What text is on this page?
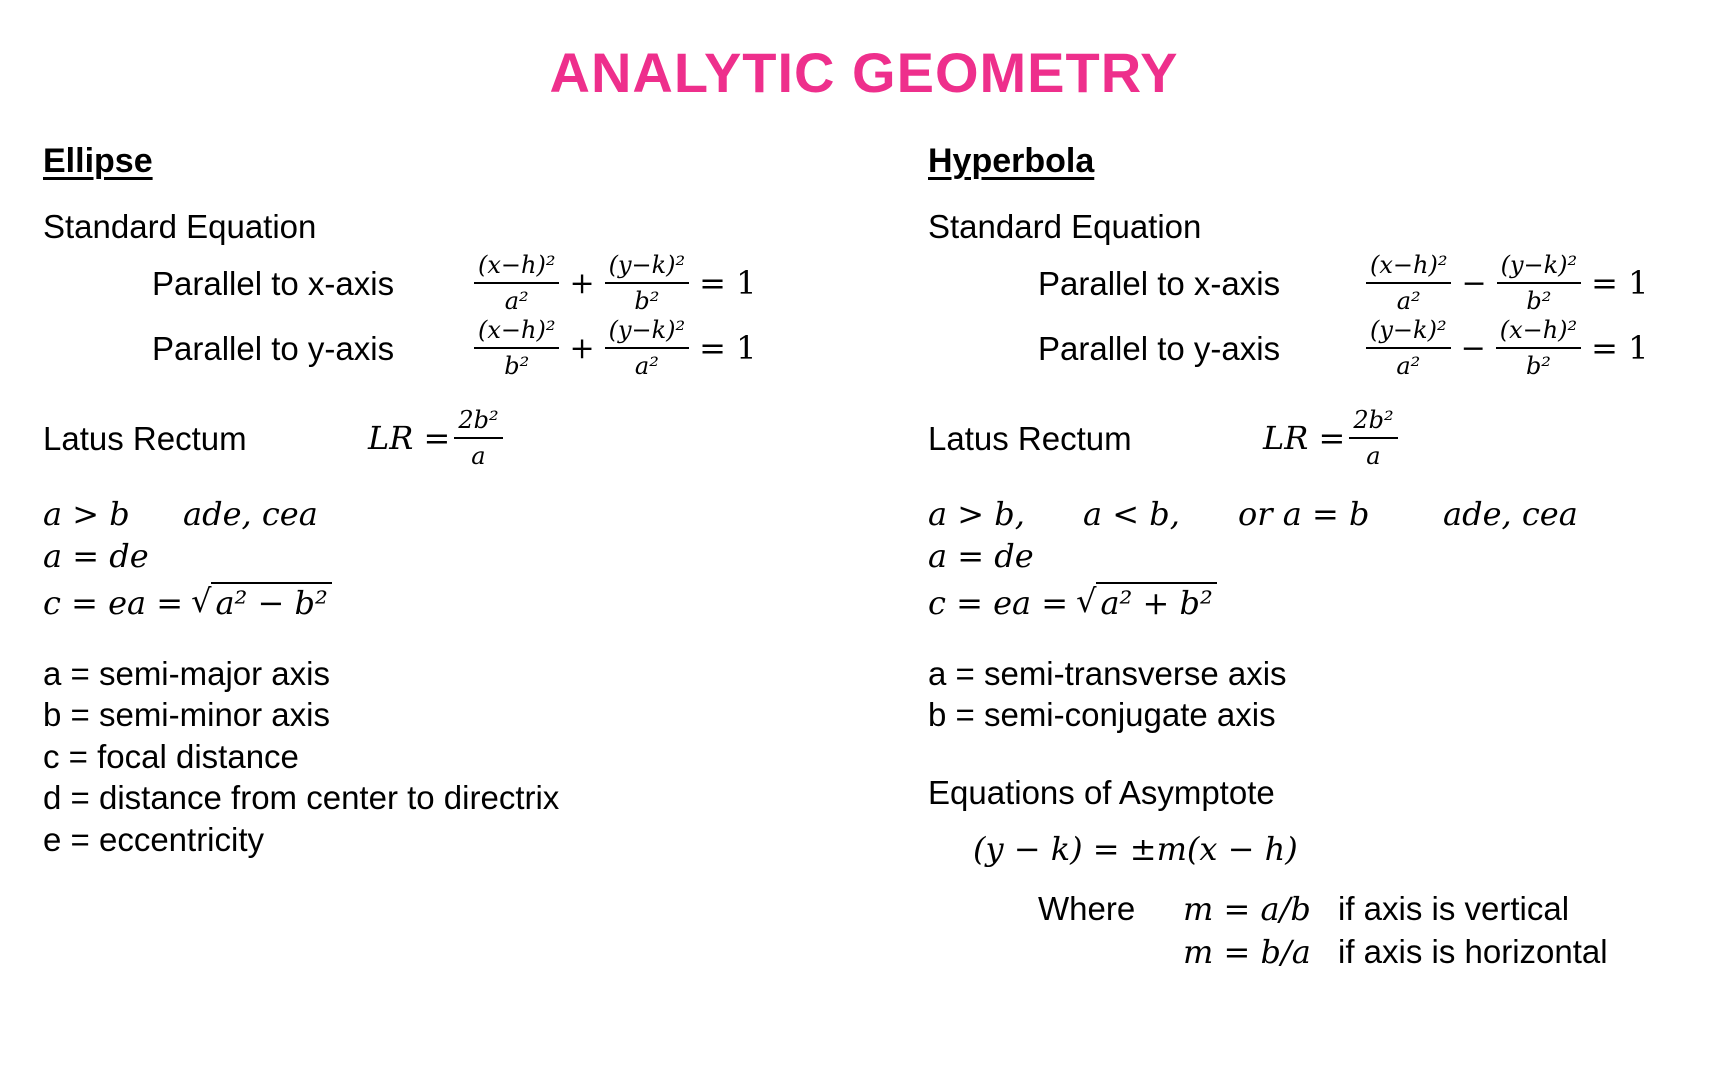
ANALYTIC GEOMETRY
Ellipse
Standard Equation
Parallel to x-axis	$\frac{\text{(x−h)²}}{\text{a²}} + \frac{\text{(y−k)²}}{\text{b²}} = 1$
Parallel to y-axis	$\frac{\text{(x−h)²}}{\text{b²}} + \frac{\text{(y−k)²}}{\text{a²}} = 1$
Latus Rectum	LR = $\frac{\text{2b²}}{a}$
a > b ade, cea
a = de
c = ea = √ a² − b²
a = semi-major axis
b = semi-minor axis
c = focal distance
d = distance from center to directrix
e = eccentricity
Hyperbola
Standard Equation
Parallel to x-axis	$\frac{\text{(x−h)²}}{\text{a²}} - \frac{\text{(y−k)²}}{\text{b²}} = 1$
Parallel to y-axis	$\frac{\text{(y−k)²}}{\text{a²}} - \frac{\text{(x−h)²}}{\text{b²}} = 1$
Latus Rectum	LR = $\frac{\text{2b²}}{a}$
a > b, a < b, or a = b ade, cea
a = de
c = ea = √ a² + b²
a = semi-transverse axis
b = semi-conjugate axis
Equations of Asymptote
(y − k) = ±m(x − h)
Where m = a/b if axis is vertical
m = b/a if axis is horizontal
